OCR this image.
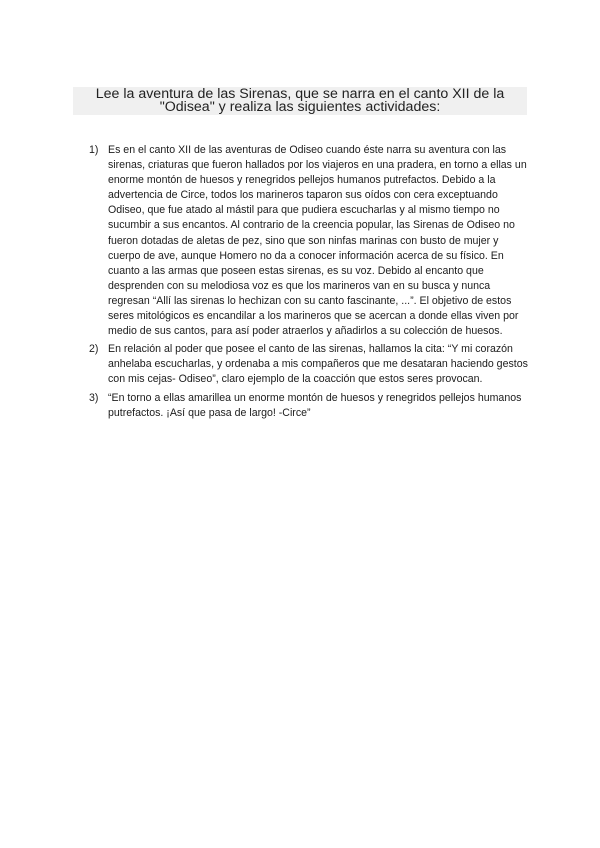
Lee la aventura de las Sirenas, que se narra en el canto XII de la
"Odisea" y realiza las siguientes actividades:
1) Es en el canto XII de las aventuras de Odiseo cuando éste narra su aventura con las sirenas, criaturas que fueron hallados por los viajeros en una pradera, en torno a ellas un enorme montón de huesos y renegridos pellejos humanos putrefactos. Debido a la advertencia de Circe, todos los marineros taparon sus oídos con cera exceptuando Odiseo, que fue atado al mástil para que pudiera escucharlas y al mismo tiempo no sucumbir a sus encantos. Al contrario de la creencia popular, las Sirenas de Odiseo no fueron dotadas de aletas de pez, sino que son ninfas marinas con busto de mujer y cuerpo de ave, aunque Homero no da a conocer información acerca de su físico. En cuanto a las armas que poseen estas sirenas, es su voz. Debido al encanto que desprenden con su melodiosa voz es que los marineros van en su busca y nunca regresan “Allí las sirenas lo hechizan con su canto fascinante, ...”. El objetivo de estos seres mitológicos es encandilar a los marineros que se acercan a donde ellas viven por medio de sus cantos, para así poder atraerlos y añadirlos a su colección de huesos.
2) En relación al poder que posee el canto de las sirenas, hallamos la cita: “Y mi corazón anhelaba escucharlas, y ordenaba a mis compañeros que me desataran haciendo gestos con mis cejas- Odiseo”, claro ejemplo de la coacción que estos seres provocan.
3) “En torno a ellas amarillea un enorme montón de huesos y renegridos pellejos humanos putrefactos. ¡Así que pasa de largo! -Circe”
